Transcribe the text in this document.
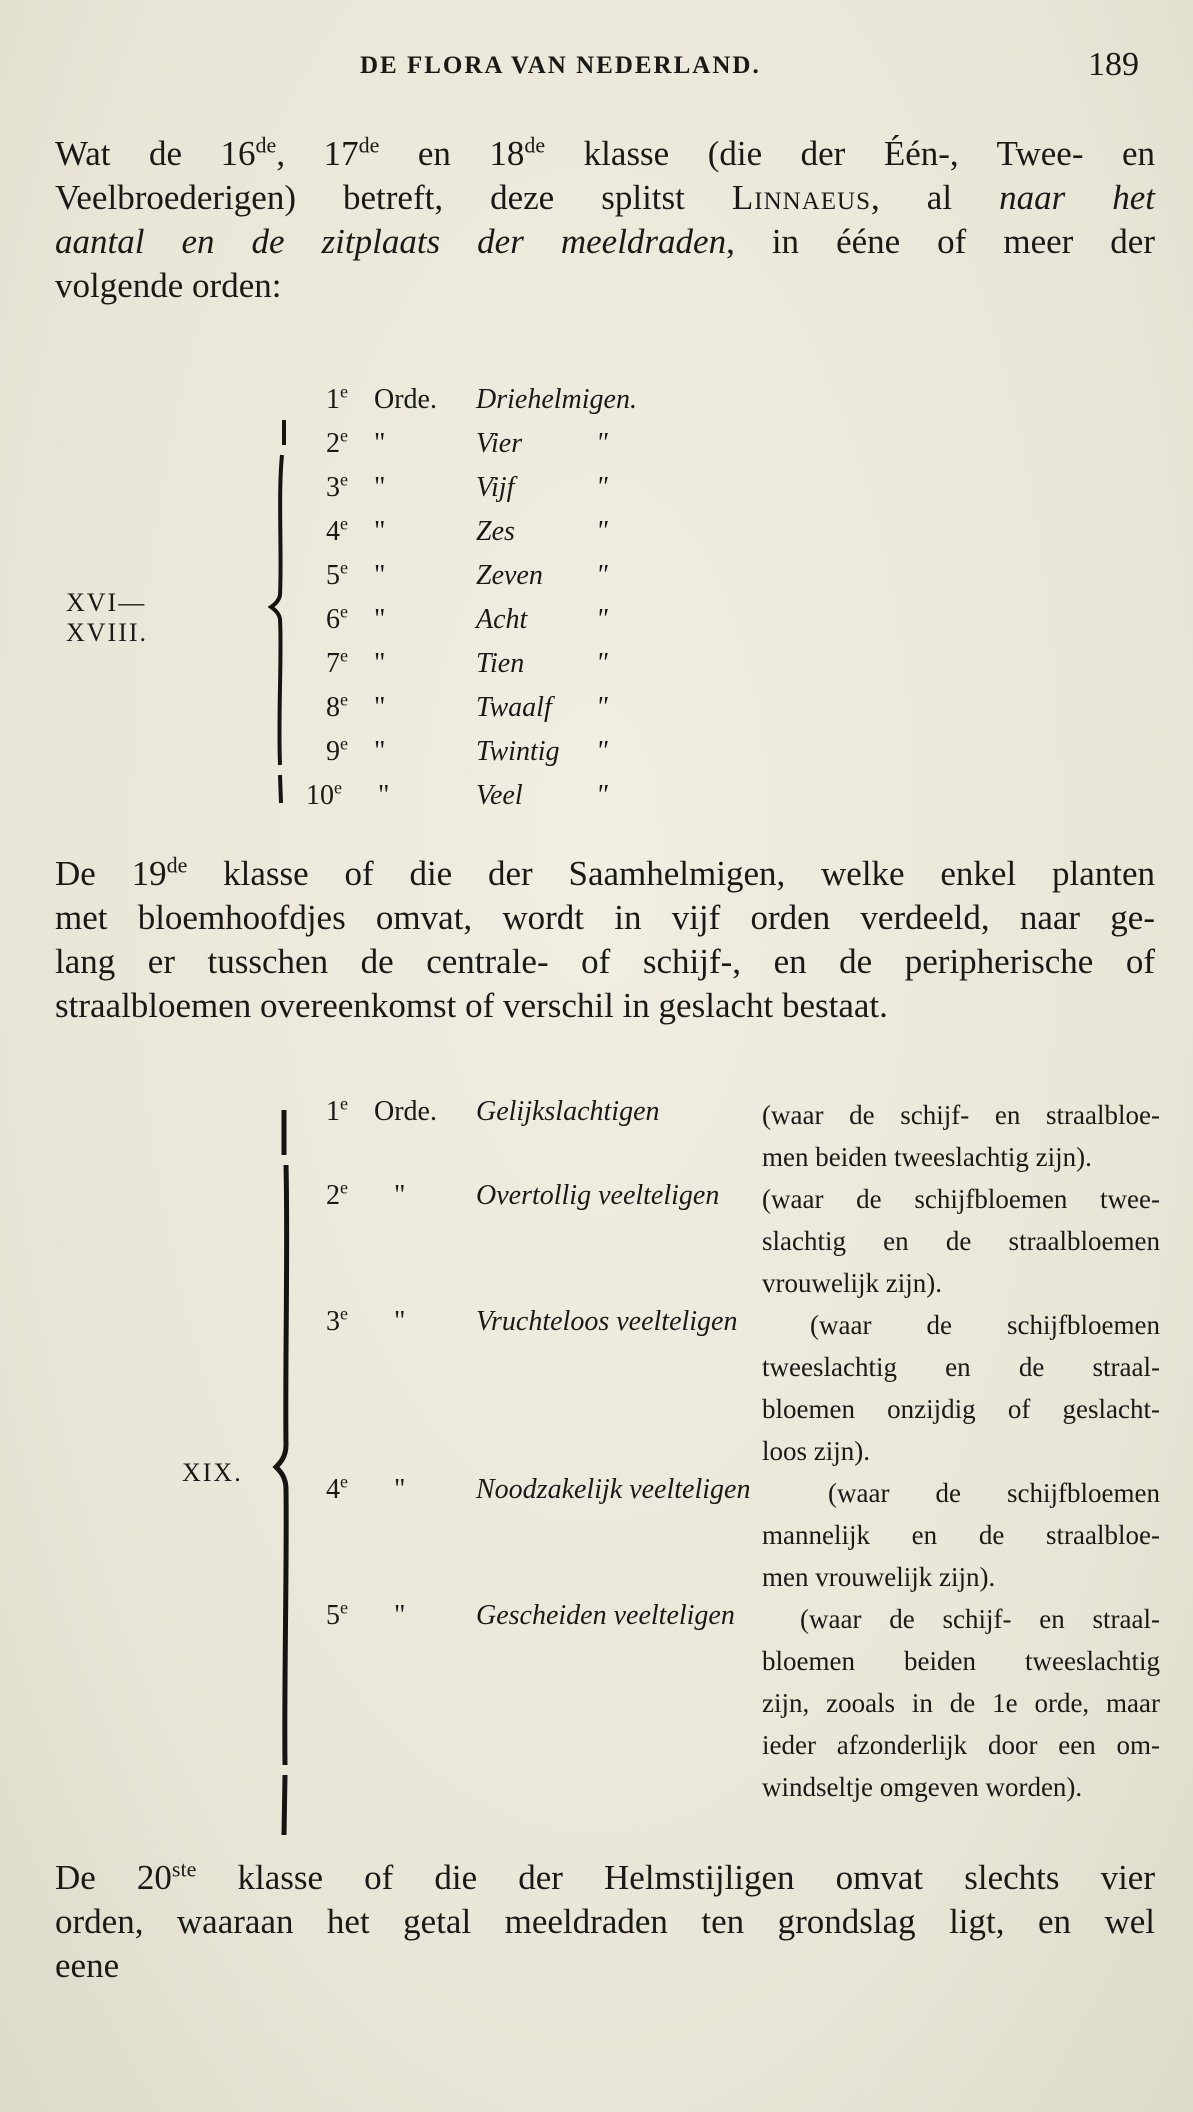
DE FLORA VAN NEDERLAND.	189
Wat de 16de, 17de en 18de klasse (die der Één-, Twee- en
Veelbroederigen) betreft, deze splitst Linnaeus, al naar het
aantal en de zitplaats der meeldraden, in ééne of meer der
volgende orden:
XVI—XVIII.
1e Orde. Driehelmigen.
2e "	Vier	"
3e "	Vijf	"
4e "	Zes	"
5e "	Zeven "
6e "	Acht "
7e "	Tien	"
8e "	Twaalf "
9e "	Twintig "
10e "	Veel	"
De 19de klasse of die der Saamhelmigen, welke enkel planten
met bloemhoofdjes omvat, wordt in vijf orden verdeeld, naar ge-
lang er tusschen de centrale- of schijf-, en de peripherische of
straalbloemen overeenkomst of verschil in geslacht bestaat.
XIX.
1e Orde. Gelijkslachtigen	(waar de schijf- en straalbloe-
men beiden tweeslachtig zijn).
2e "	Overtollig veelteligen (waar de schijfbloemen twee-
slachtig en de straalbloemen
vrouwelijk zijn).
3e "	Vruchteloos veelteligen	(waar de schijfbloemen
tweeslachtig en de straal-
bloemen onzijdig of geslacht-
loos zijn).
4e "	Noodzakelijk veelteligen	(waar de schijfbloemen
mannelijk en de straalbloe-
men vrouwelijk zijn).
5e "	Gescheiden veelteligen (waar de schijf- en straal-
bloemen beiden tweeslachtig
zijn, zooals in de 1e orde, maar
ieder afzonderlijk door een om-
windseltje omgeven worden).
De 20ste klasse of die der Helmstijligen omvat slechts vier
orden, waaraan het getal meeldraden ten grondslag ligt, en wel
eene
